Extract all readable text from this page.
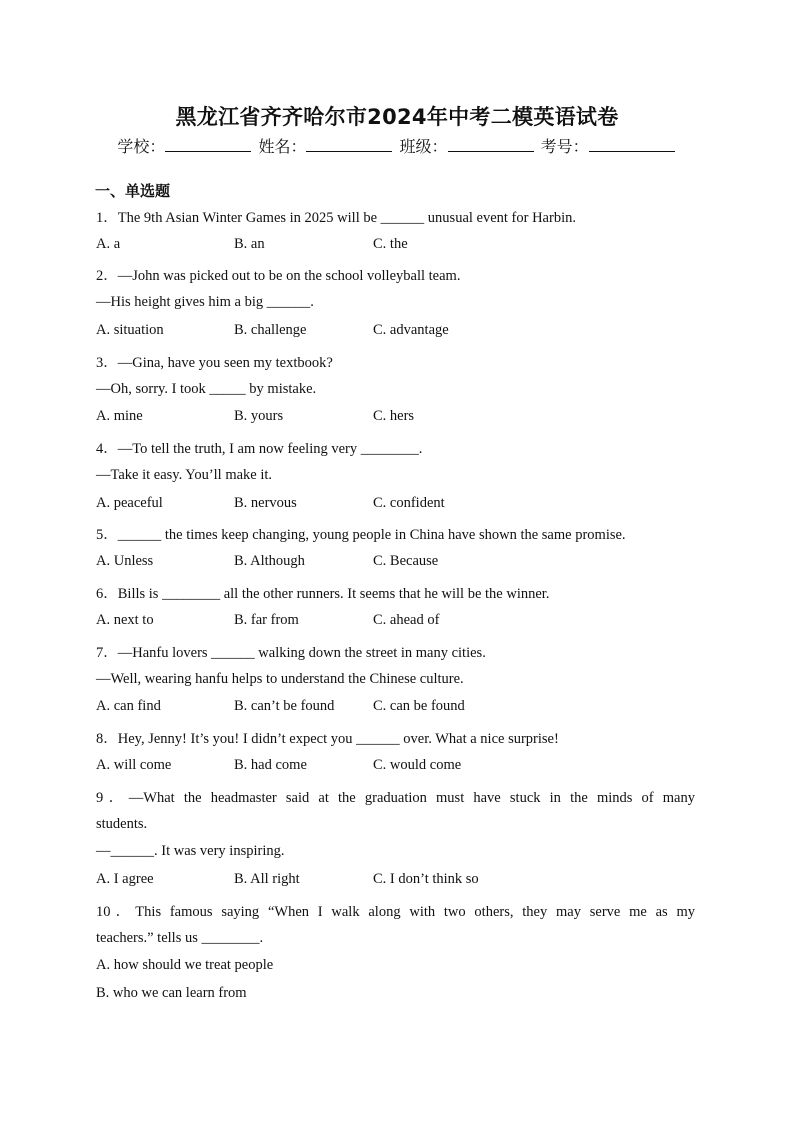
黑龙江省齐齐哈尔市2024年中考二模英语试卷
学校：	姓名：	班级：	考号：
一、单选题
1．The 9th Asian Winter Games in 2025 will be ______ unusual event for Harbin.
A. a	B. an	C. the
2．—John was picked out to be on the school volleyball team.
—His height gives him a big ______.
A. situation	B. challenge	C. advantage
3．—Gina, have you seen my textbook?
—Oh, sorry. I took _____ by mistake.
A. mine	B. yours	C. hers
4．—To tell the truth, I am now feeling very ________.
—Take it easy. You’ll make it.
A. peaceful	B. nervous	C. confident
5．______ the times keep changing, young people in China have shown the same promise.
A. Unless	B. Although	C. Because
6．Bills is ________ all the other runners. It seems that he will be the winner.
A. next to	B. far from	C. ahead of
7．—Hanfu lovers ______ walking down the street in many cities.
—Well, wearing hanfu helps to understand the Chinese culture.
A. can find	B. can’t be found	C. can be found
8．Hey, Jenny! It’s you! I didn’t expect you ______ over. What a nice surprise!
A. will come	B. had come	C. would come
9．—What the headmaster said at the graduation must have stuck in the minds of many
students.
—______. It was very inspiring.
A. I agree	B. All right	C. I don’t think so
10．This famous saying “When I walk along with two others, they may serve me as my
teachers.” tells us ________.
A. how should we treat people
B. who we can learn from
